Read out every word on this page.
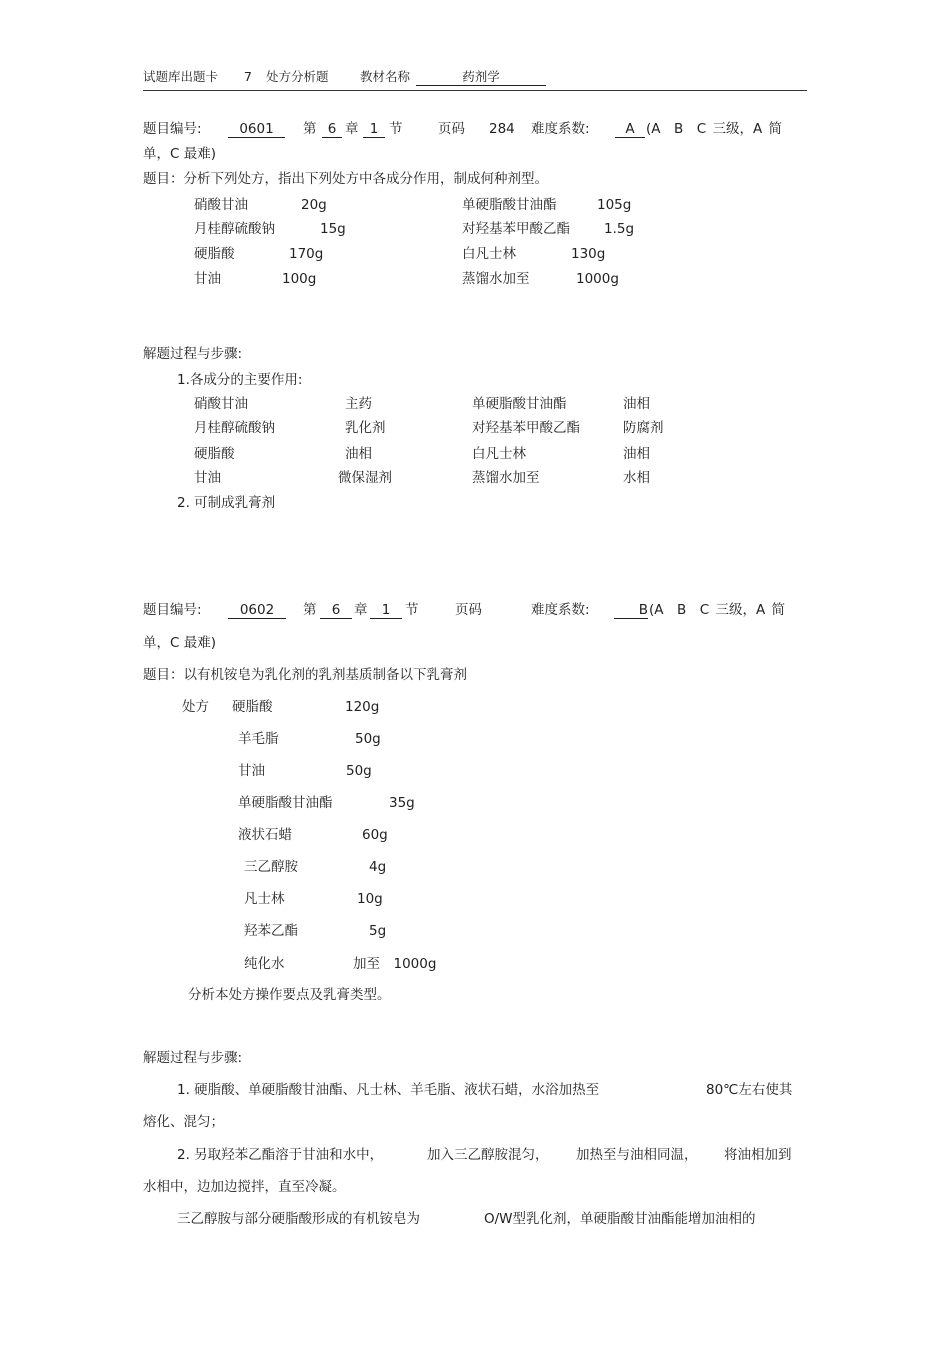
试题库出题卡 7 处方分析题	教材名称	药剂学
题目编号:	0601	第 6 章 1 节	页码 284 难度系数:	A (A　B　C 三级，A 简
单，C 最难)
题目：分析下列处方，指出下列处方中各成分作用，制成何种剂型。
硝酸甘油	20g	单硬脂酸甘油酯	105g
月桂醇硫酸钠	15g	对羟基苯甲酸乙酯	1.5g
硬脂酸	170g	白凡士林	130g
甘油	100g	蒸馏水加至	1000g
解题过程与步骤:
1.各成分的主要作用:
硝酸甘油	主药	单硬脂酸甘油酯	油相
月桂醇硫酸钠	乳化剂	对羟基苯甲酸乙酯	防腐剂
硬脂酸	油相	白凡士林	油相
甘油	微保湿剂	蒸馏水加至	水相
2. 可制成乳膏剂
题目编号:	0602	第	6	章	1	节	页码	难度系数:	B (A　B　C 三级，A 简
单，C 最难)
题目：以有机铵皂为乳化剂的乳剂基质制备以下乳膏剂
处方 硬脂酸	120g
羊毛脂	50g
甘油	50g
单硬脂酸甘油酯	35g
液状石蜡	60g
三乙醇胺	4g
凡士林	10g
羟苯乙酯	5g
纯化水	加至　1000g
分析本处方操作要点及乳膏类型。
解题过程与步骤:
1. 硬脂酸、单硬脂酸甘油酯、凡士林、羊毛脂、液状石蜡，水浴加热至	80℃左右使其
熔化、混匀；
2. 另取羟苯乙酯溶于甘油和水中，	加入三乙醇胺混匀， 加热至与油相同温， 将油相加到
水相中，边加边搅拌，直至冷凝。
三乙醇胺与部分硬脂酸形成的有机铵皂为	O/W型乳化剂，单硬脂酸甘油酯能增加油相的
